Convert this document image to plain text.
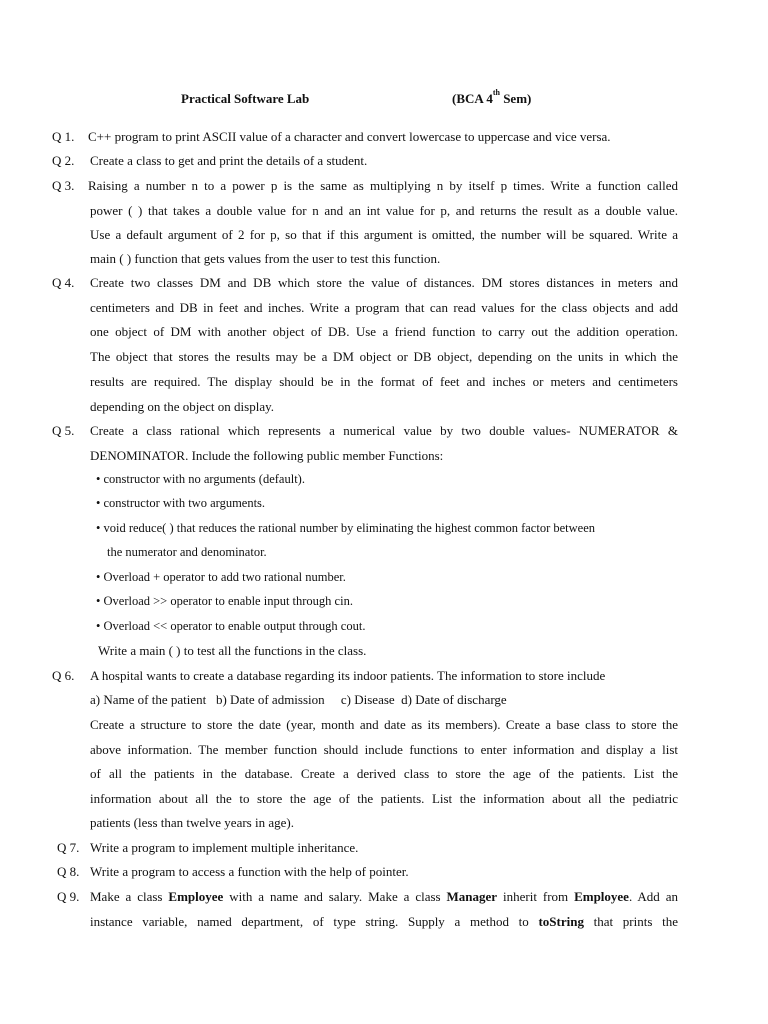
Practical Software Lab	(BCA 4th Sem)
Q 1. C++ program to print ASCII value of a character and convert lowercase to uppercase and vice versa.
Q 2. Create a class to get and print the details of a student.
Q 3. Raising a number n to a power p is the same as multiplying n by itself p times. Write a function called
power ( ) that takes a double value for n and an int value for p, and returns the result as a double value.
Use a default argument of 2 for p, so that if this argument is omitted, the number will be squared. Write a
main ( ) function that gets values from the user to test this function.
Q 4. Create two classes DM and DB which store the value of distances. DM stores distances in meters and
centimeters and DB in feet and inches. Write a program that can read values for the class objects and add
one object of DM with another object of DB. Use a friend function to carry out the addition operation.
The object that stores the results may be a DM object or DB object, depending on the units in which the
results are required. The display should be in the format of feet and inches or meters and centimeters
depending on the object on display.
Q 5. Create a class rational which represents a numerical value by two double values- NUMERATOR &
DENOMINATOR. Include the following public member Functions:
• constructor with no arguments (default).
• constructor with two arguments.
• void reduce( ) that reduces the rational number by eliminating the highest common factor between
the numerator and denominator.
• Overload + operator to add two rational number.
• Overload >> operator to enable input through cin.
• Overload << operator to enable output through cout.
Write a main ( ) to test all the functions in the class.
Q 6. A hospital wants to create a database regarding its indoor patients. The information to store include
a) Name of the patient   b) Date of admission     c) Disease  d) Date of discharge
Create a structure to store the date (year, month and date as its members). Create a base class to store the
above information. The member function should include functions to enter information and display a list
of all the patients in the database. Create a derived class to store the age of the patients. List the
information about all the to store the age of the patients. List the information about all the pediatric
patients (less than twelve years in age).
Q 7. Write a program to implement multiple inheritance.
Q 8. Write a program to access a function with the help of pointer.
Q 9. Make a class Employee with a name and salary. Make a class Manager inherit from Employee. Add an
instance variable, named department, of type string. Supply a method to toString that prints the
